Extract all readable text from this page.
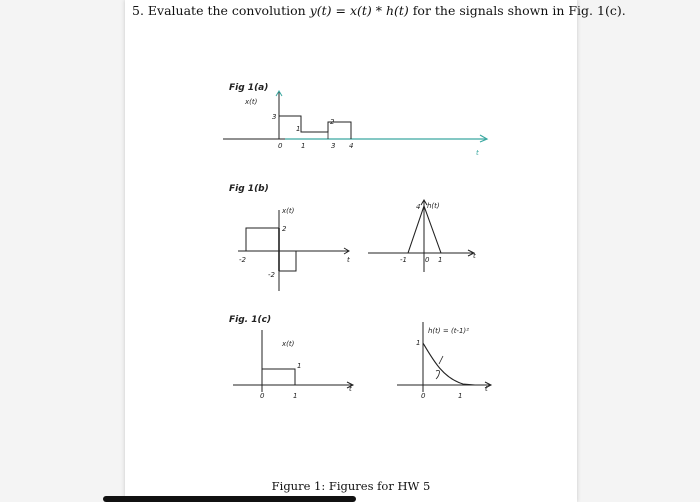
5. Evaluate the convolution y(t) = x(t) * h(t) for the signals shown in Fig. 1(c).
Fig 1(a)
x(t)
3
1
2
0	1	3 4
t
Fig 1(b)
x(t)
2
-2
-2	t
4 h(t)
-1	0 1	t
Fig. 1(c)
x(t)
1
0	1
t
h(t) = (t-1)²
1
0	1
t
Figure 1: Figures for HW 5
